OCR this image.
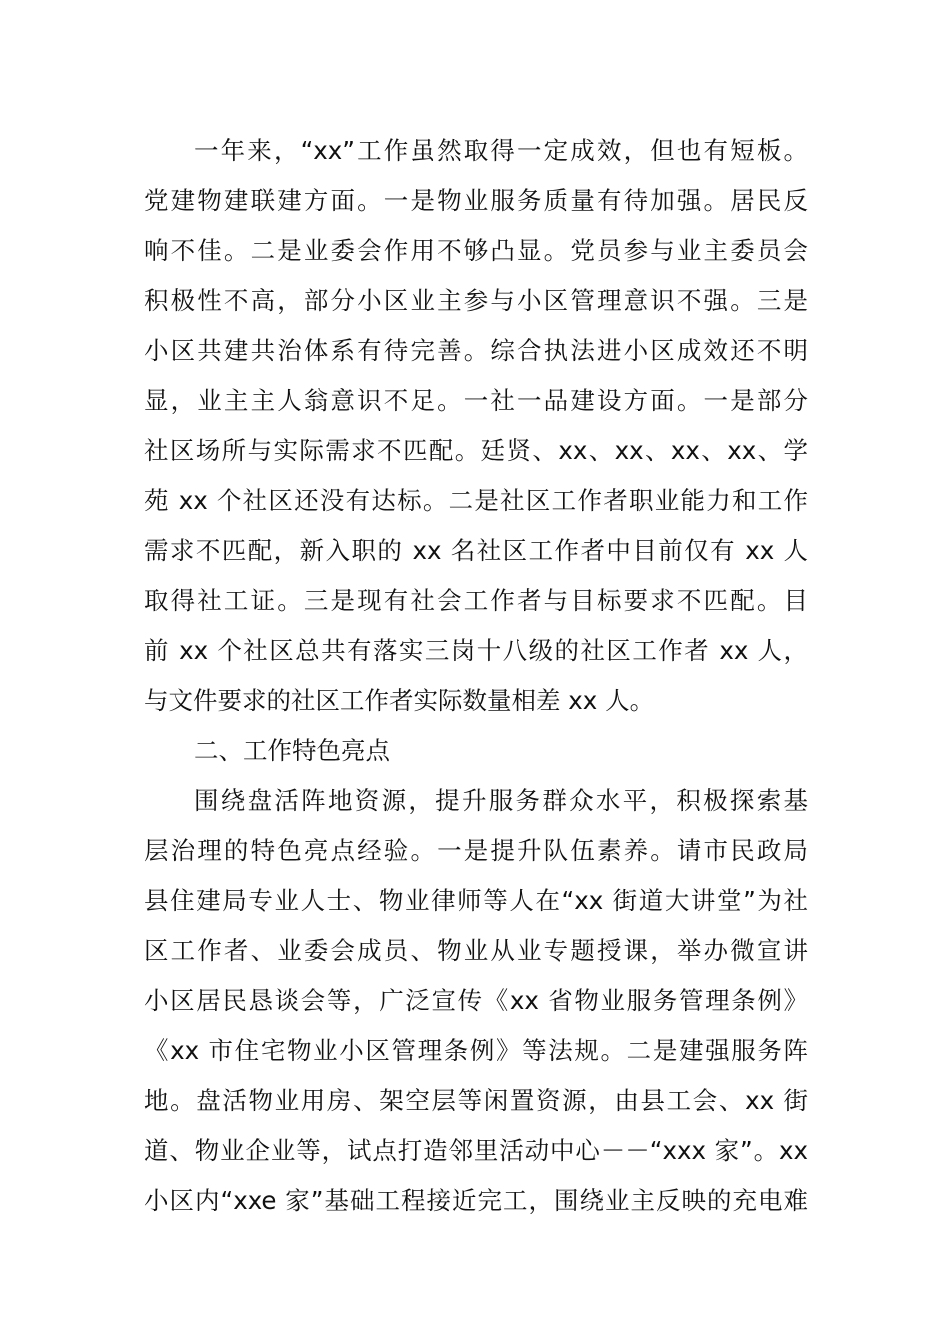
一年来，“xx”工作虽然取得一定成效，但也有短板。
党建物建联建方面。一是物业服务质量有待加强。居民反
响不佳。二是业委会作用不够凸显。党员参与业主委员会
积极性不高，部分小区业主参与小区管理意识不强。三是
小区共建共治体系有待完善。综合执法进小区成效还不明
显，业主主人翁意识不足。一社一品建设方面。一是部分
社区场所与实际需求不匹配。廷贤、xx、xx、xx、xx、学
苑 xx 个社区还没有达标。二是社区工作者职业能力和工作
需求不匹配，新入职的 xx 名社区工作者中目前仅有 xx 人
取得社工证。三是现有社会工作者与目标要求不匹配。目
前 xx 个社区总共有落实三岗十八级的社区工作者 xx 人，
与文件要求的社区工作者实际数量相差 xx 人。
二、工作特色亮点
围绕盘活阵地资源，提升服务群众水平，积极探索基
层治理的特色亮点经验。一是提升队伍素养。请市民政局
县住建局专业人士、物业律师等人在“xx 街道大讲堂”为社
区工作者、业委会成员、物业从业专题授课，举办微宣讲
小区居民恳谈会等，广泛宣传《xx 省物业服务管理条例》
《xx 市住宅物业小区管理条例》等法规。二是建强服务阵
地。盘活物业用房、架空层等闲置资源，由县工会、xx 街
道、物业企业等，试点打造邻里活动中心－－“xxx 家”。xx
小区内“xxe 家”基础工程接近完工，围绕业主反映的充电难
